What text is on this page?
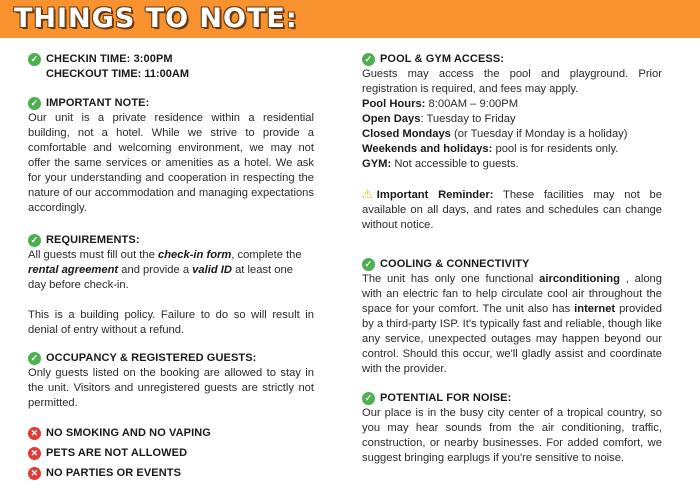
THINGS TO NOTE:
✓ CHECKIN TIME: 3:00PM
CHECKOUT TIME: 11:00AM
✓ IMPORTANT NOTE:

Our unit is a private residence within a residential building, not a hotel. While we strive to provide a comfortable and welcoming environment, we may not offer the same services or amenities as a hotel. We ask for your understanding and cooperation in respecting the nature of our accommodation and managing expectations accordingly.

✓ REQUIREMENTS:

All guests must fill out the check-in form, complete the rental agreement and provide a valid ID at least one day before check-in.

This is a building policy. Failure to do so will result in denial of entry without a refund.

✓ OCCUPANCY & REGISTERED GUESTS:

Only guests listed on the booking are allowed to stay in the unit. Visitors and unregistered guests are strictly not permitted.

✕ NO SMOKING AND NO VAPING
✕ PETS ARE NOT ALLOWED
✕ NO PARTIES OR EVENTS
✓ POOL & GYM ACCESS:

Guests may access the pool and playground. Prior registration is required, and fees may apply.

Pool Hours: 8:00AM – 9:00PM

Open Days: Tuesday to Friday

Closed Mondays (or Tuesday if Monday is a holiday)

Weekends and holidays: pool is for residents only.

GYM: Not accessible to guests.

⚠ Important Reminder: These facilities may not be available on all days, and rates and schedules can change without notice.

✓ COOLING & CONNECTIVITY

The unit has only one functional airconditioning , along with an electric fan to help circulate cool air throughout the space for your comfort. The unit also has internet provided by a third-party ISP. It's typically fast and reliable, though like any service, unexpected outages may happen beyond our control. Should this occur, we'll gladly assist and coordinate with the provider.

✓ POTENTIAL FOR NOISE:

Our place is in the busy city center of a tropical country, so you may hear sounds from the air conditioning, traffic, construction, or nearby businesses. For added comfort, we suggest bringing earplugs if you're sensitive to noise.
